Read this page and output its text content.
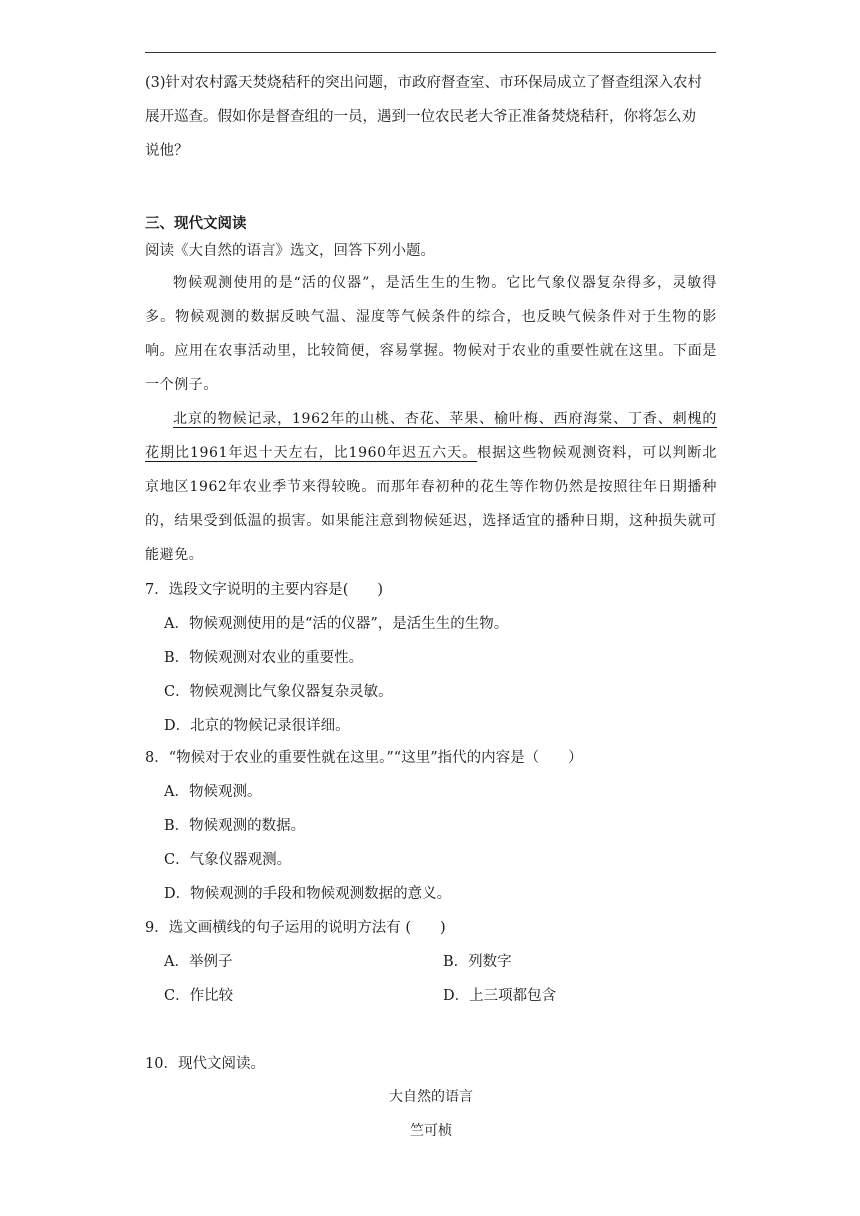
(3)针对农村露天焚烧秸秆的突出问题，市政府督查室、市环保局成立了督查组深入农村
展开巡查。假如你是督查组的一员，遇到一位农民老大爷正准备焚烧秸秆，你将怎么劝
说他？
三、现代文阅读
阅读《大自然的语言》选文，回答下列小题。

物候观测使用的是“活的仪器”，是活生生的生物。它比气象仪器复杂得多，灵敏得多。物候观测的数据反映气温、湿度等气候条件的综合，也反映气候条件对于生物的影响。应用在农事活动里，比较简便，容易掌握。物候对于农业的重要性就在这里。下面是一个例子。

北京的物候记录，1962年的山桃、杏花、苹果、榆叶梅、西府海棠、丁香、刺槐的花期比1961年迟十天左右，比1960年迟五六天。根据这些物候观测资料，可以判断北京地区1962年农业季节来得较晚。而那年春初种的花生等作物仍然是按照往年日期播种的，结果受到低温的损害。如果能注意到物候延迟，选择适宜的播种日期，这种损失就可能避免。

7．选段文字说明的主要内容是(　　)
A．物候观测使用的是“活的仪器”，是活生生的生物。
B．物候观测对农业的重要性。
C．物候观测比气象仪器复杂灵敏。
D．北京的物候记录很详细。
8．“物候对于农业的重要性就在这里。”“这里”指代的内容是（　　）
A．物候观测。
B．物候观测的数据。
C．气象仪器观测。
D．物候观测的手段和物候观测数据的意义。
9．选文画横线的句子运用的说明方法有 (　　)
A．举例子	B．列数字
C．作比较	D．上三项都包含
10．现代文阅读。
大自然的语言
竺可桢
